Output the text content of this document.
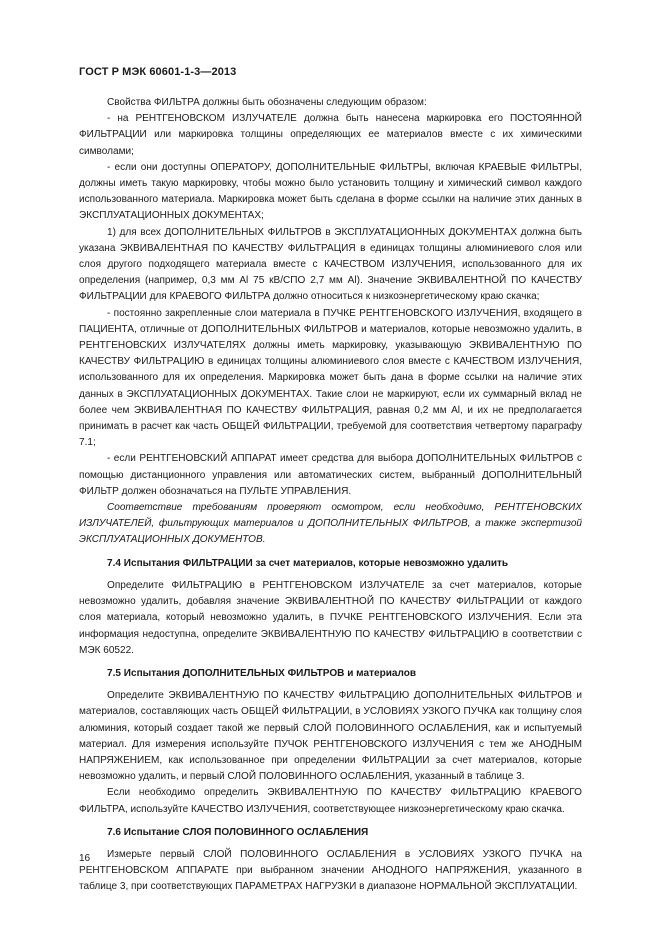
ГОСТ Р МЭК 60601-1-3—2013

Свойства ФИЛЬТРА должны быть обозначены следующим образом:

- на РЕНТГЕНОВСКОМ ИЗЛУЧАТЕЛЕ должна быть нанесена маркировка его ПОСТОЯННОЙ ФИЛЬТРАЦИИ или маркировка толщины определяющих ее материалов вместе с их химическими символами;

- если они доступны ОПЕРАТОРУ, ДОПОЛНИТЕЛЬНЫЕ ФИЛЬТРЫ, включая КРАЕВЫЕ ФИЛЬТРЫ, должны иметь такую маркировку, чтобы можно было установить толщину и химический символ каждого использованного материала. Маркировка может быть сделана в форме ссылки на наличие этих данных в ЭКСПЛУАТАЦИОННЫХ ДОКУМЕНТАХ;

1) для всех ДОПОЛНИТЕЛЬНЫХ ФИЛЬТРОВ в ЭКСПЛУАТАЦИОННЫХ ДОКУМЕНТАХ должна быть указана ЭКВИВАЛЕНТНАЯ ПО КАЧЕСТВУ ФИЛЬТРАЦИЯ в единицах толщины алюминиевого слоя или слоя другого подходящего материала вместе с КАЧЕСТВОМ ИЗЛУЧЕНИЯ, использованного для их определения (например, 0,3 мм Al 75 кВ/СПО 2,7 мм Al). Значение ЭКВИВАЛЕНТНОЙ ПО КАЧЕСТВУ ФИЛЬТРАЦИИ для КРАЕВОГО ФИЛЬТРА должно относиться к низкоэнергетическому краю скачка;

- постоянно закрепленные слои материала в ПУЧКЕ РЕНТГЕНОВСКОГО ИЗЛУЧЕНИЯ, входящего в ПАЦИЕНТА, отличные от ДОПОЛНИТЕЛЬНЫХ ФИЛЬТРОВ и материалов, которые невозможно удалить, в РЕНТГЕНОВСКИХ ИЗЛУЧАТЕЛЯХ должны иметь маркировку, указывающую ЭКВИВАЛЕНТНУЮ ПО КАЧЕСТВУ ФИЛЬТРАЦИЮ в единицах толщины алюминиевого слоя вместе с КАЧЕСТВОМ ИЗЛУЧЕНИЯ, использованного для их определения. Маркировка может быть дана в форме ссылки на наличие этих данных в ЭКСПЛУАТАЦИОННЫХ ДОКУМЕНТАХ. Такие слои не маркируют, если их суммарный вклад не более чем ЭКВИВАЛЕНТНАЯ ПО КАЧЕСТВУ ФИЛЬТРАЦИЯ, равная 0,2 мм Al, и их не предполагается принимать в расчет как часть ОБЩЕЙ ФИЛЬТРАЦИИ, требуемой для соответствия четвертому параграфу 7.1;

- если РЕНТГЕНОВСКИЙ АППАРАТ имеет средства для выбора ДОПОЛНИТЕЛЬНЫХ ФИЛЬТРОВ с помощью дистанционного управления или автоматических систем, выбранный ДОПОЛНИТЕЛЬНЫЙ ФИЛЬТР должен обозначаться на ПУЛЬТЕ УПРАВЛЕНИЯ.

Соответствие требованиям проверяют осмотром, если необходимо, РЕНТГЕНОВСКИХ ИЗЛУЧАТЕЛЕЙ, фильтрующих материалов и ДОПОЛНИТЕЛЬНЫХ ФИЛЬТРОВ, а также экспертизой ЭКСПЛУАТАЦИОННЫХ ДОКУМЕНТОВ.

7.4 Испытания ФИЛЬТРАЦИИ за счет материалов, которые невозможно удалить

Определите ФИЛЬТРАЦИЮ в РЕНТГЕНОВСКОМ ИЗЛУЧАТЕЛЕ за счет материалов, которые невозможно удалить, добавляя значение ЭКВИВАЛЕНТНОЙ ПО КАЧЕСТВУ ФИЛЬТРАЦИИ от каждого слоя материала, который невозможно удалить, в ПУЧКЕ РЕНТГЕНОВСКОГО ИЗЛУЧЕНИЯ. Если эта информация недоступна, определите ЭКВИВАЛЕНТНУЮ ПО КАЧЕСТВУ ФИЛЬТРАЦИЮ в соответствии с МЭК 60522.

7.5 Испытания ДОПОЛНИТЕЛЬНЫХ ФИЛЬТРОВ и материалов

Определите ЭКВИВАЛЕНТНУЮ ПО КАЧЕСТВУ ФИЛЬТРАЦИЮ ДОПОЛНИТЕЛЬНЫХ ФИЛЬТРОВ и материалов, составляющих часть ОБЩЕЙ ФИЛЬТРАЦИИ, в УСЛОВИЯХ УЗКОГО ПУЧКА как толщину слоя алюминия, который создает такой же первый СЛОЙ ПОЛОВИННОГО ОСЛАБЛЕНИЯ, как и испытуемый материал. Для измерения используйте ПУЧОК РЕНТГЕНОВСКОГО ИЗЛУЧЕНИЯ с тем же АНОДНЫМ НАПРЯЖЕНИЕМ, как использованное при определении ФИЛЬТРАЦИИ за счет материалов, которые невозможно удалить, и первый СЛОЙ ПОЛОВИННОГО ОСЛАБЛЕНИЯ, указанный в таблице 3.

Если необходимо определить ЭКВИВАЛЕНТНУЮ ПО КАЧЕСТВУ ФИЛЬТРАЦИЮ КРАЕВОГО ФИЛЬТРА, используйте КАЧЕСТВО ИЗЛУЧЕНИЯ, соответствующее низкоэнергетическому краю скачка.

7.6 Испытание СЛОЯ ПОЛОВИННОГО ОСЛАБЛЕНИЯ

Измерьте первый СЛОЙ ПОЛОВИННОГО ОСЛАБЛЕНИЯ в УСЛОВИЯХ УЗКОГО ПУЧКА на РЕНТГЕНОВСКОМ АППАРАТЕ при выбранном значении АНОДНОГО НАПРЯЖЕНИЯ, указанного в таблице 3, при соответствующих ПАРАМЕТРАХ НАГРУЗКИ в диапазоне НОРМАЛЬНОЙ ЭКСПЛУАТАЦИИ.

16
